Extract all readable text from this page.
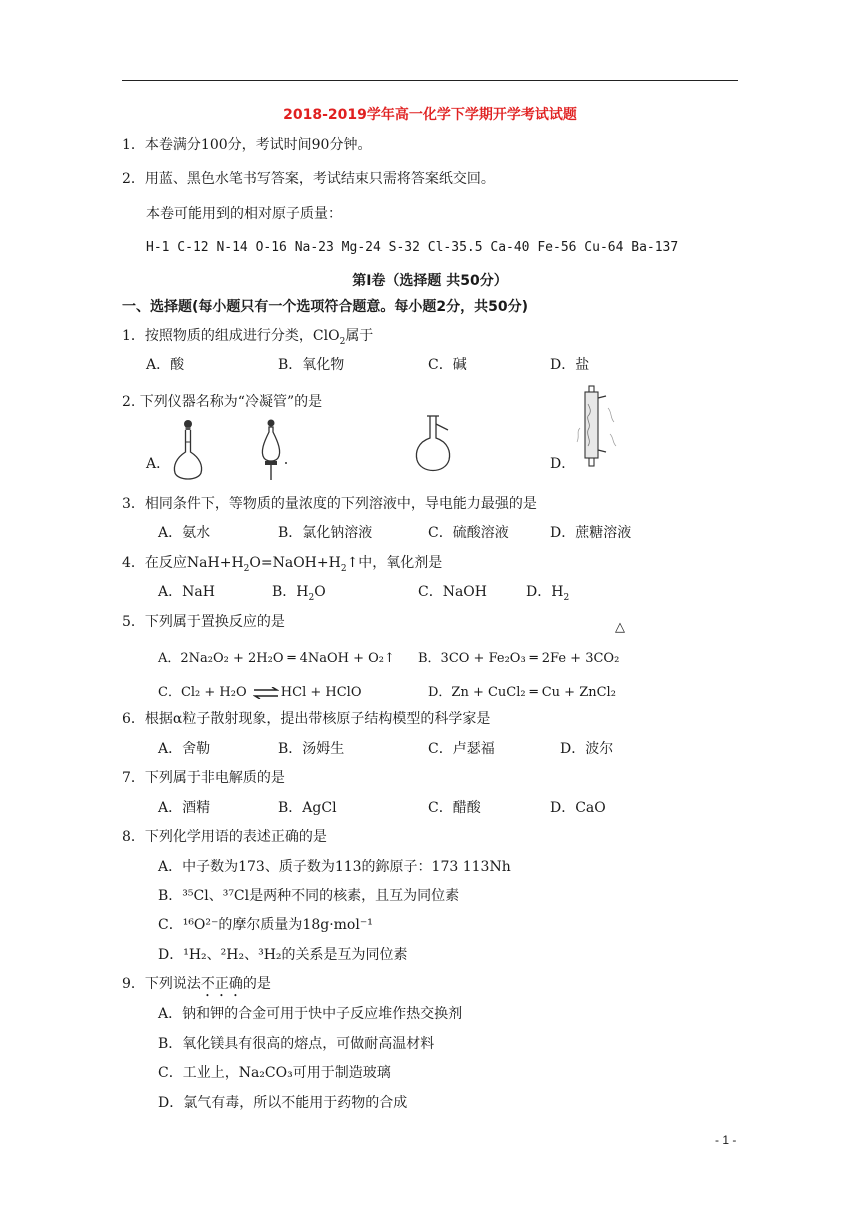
2018-2019学年高一化学下学期开学考试试题
1．本卷满分100分，考试时间90分钟。
2．用蓝、黑色水笔书写答案，考试结束只需将答案纸交回。
本卷可能用到的相对原子质量：
H-1 C-12 N-14 O-16 Na-23 Mg-24 S-32 Cl-35.5 Ca-40 Fe-56 Cu-64 Ba-137
第Ⅰ卷（选择题 共50分）
一、选择题(每小题只有一个选项符合题意。每小题2分，共50分)
1．按照物质的组成进行分类，ClO$_2$属于
A．酸	B．氧化物	C．碱	D．盐
2. 下列仪器名称为“冷凝管”的是
A．	D．
3．相同条件下，等物质的量浓度的下列溶液中，导电能力最强的是
A．氨水	B．氯化钠溶液	C．硫酸溶液	D．蔗糖溶液
4．在反应$NaH+H_2O=NaOH+H_2↑$中，氧化剂是
A．NaH	B．$H_2O$	C．NaOH	D．$H_2$
5．下列属于置换反应的是	△
A．2Na₂O₂ + 2H₂O ═ 4NaOH + O₂↑ B．3CO + Fe₂O₃ ═ 2Fe + 3CO₂
C．Cl₂ + H₂O ⇌ HCl + HClO	D．Zn + CuCl₂ ═ Cu + ZnCl₂
6．根据α粒子散射现象，提出带核原子结构模型的科学家是
A．舍勒	B．汤姆生	C．卢瑟福	D．波尔
7．下列属于非电解质的是
A．酒精	B．AgCl	C．醋酸	D．CaO
8．下列化学用语的表述正确的是
A．中子数为173、质子数为113的鉨原子：173 113Nh
B．³⁵Cl、³⁷Cl是两种不同的核素，且互为同位素
C．¹⁶O²⁻的摩尔质量为18g·mol⁻¹
D．¹H₂、²H₂、³H₂的关系是互为同位素
9．下列说法不正确的是
A．钠和钾的合金可用于快中子反应堆作热交换剂
B．氧化镁具有很高的熔点，可做耐高温材料
C．工业上，Na₂CO₃可用于制造玻璃
D．氯气有毒，所以不能用于药物的合成
- 1 -
